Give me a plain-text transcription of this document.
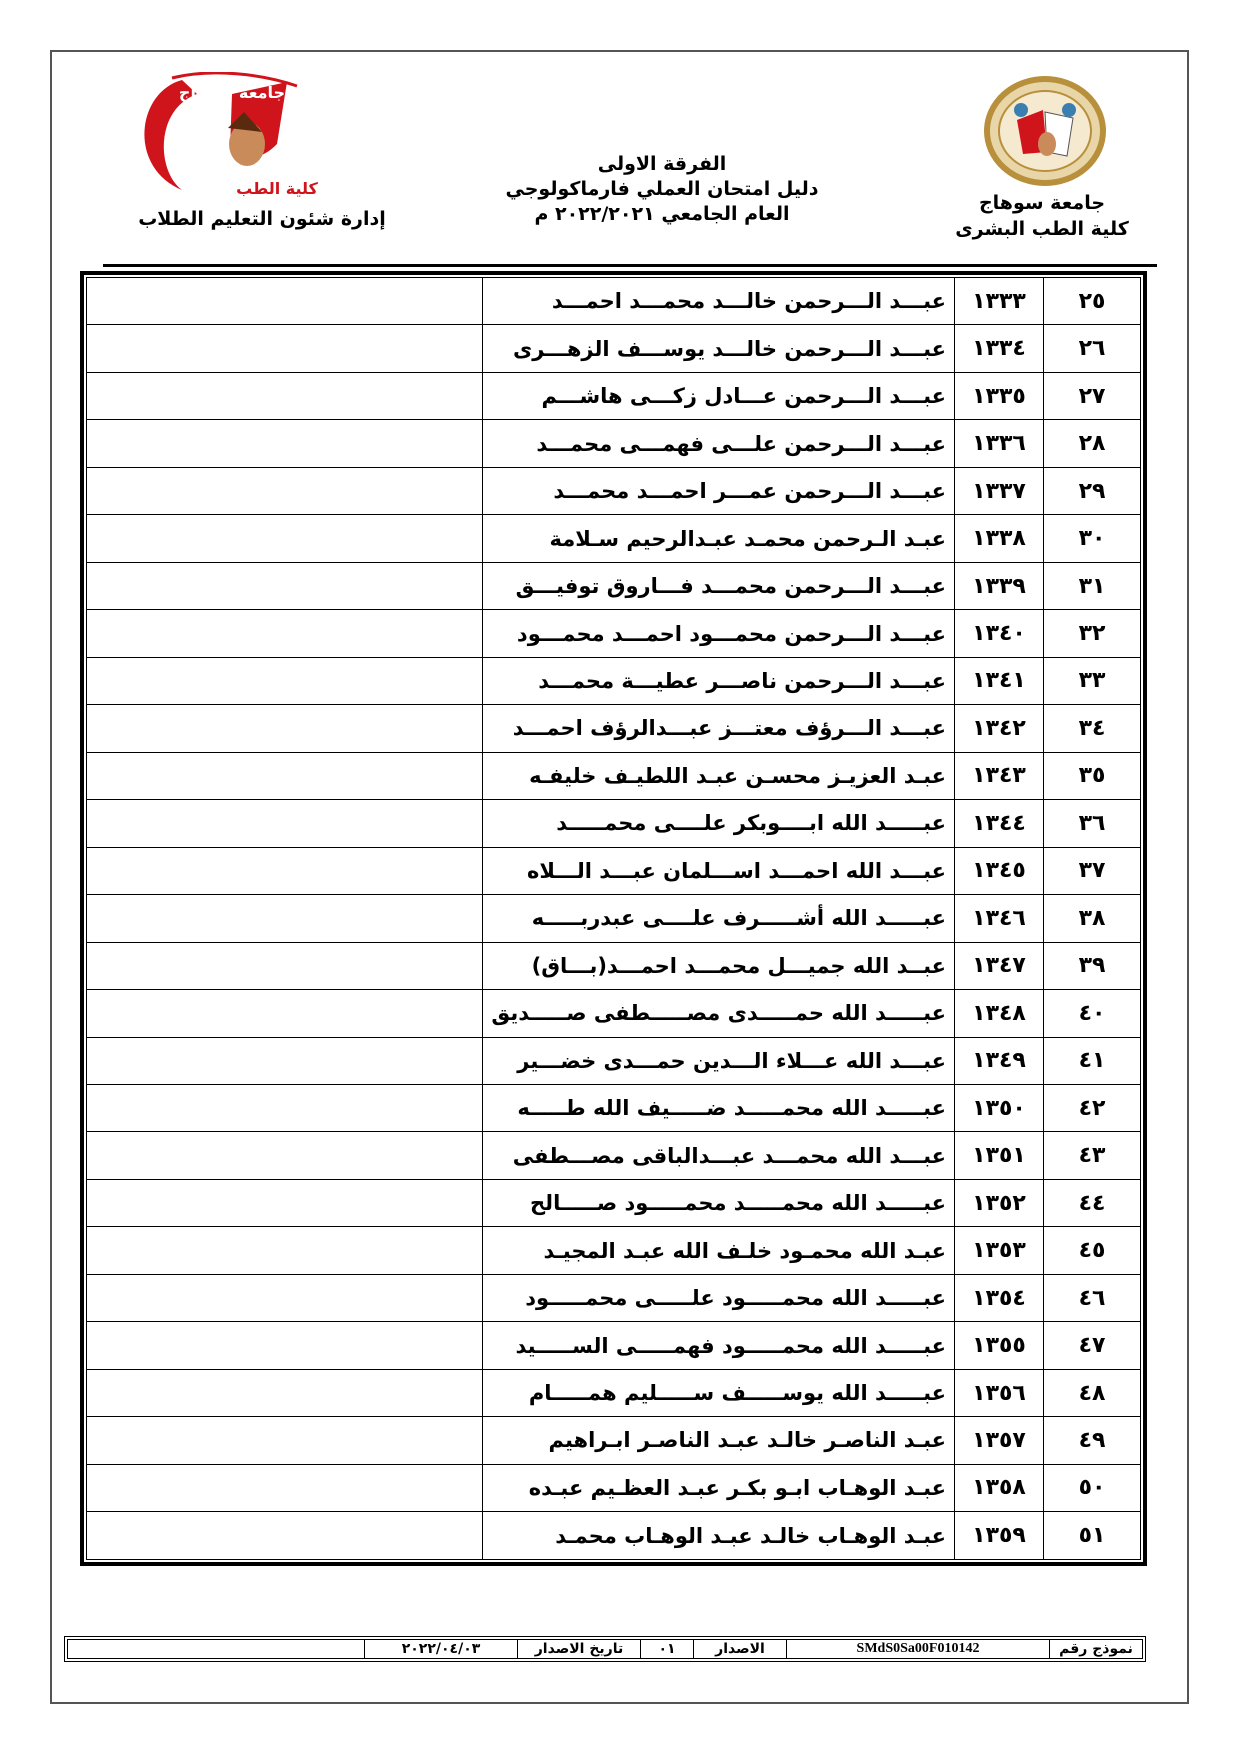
جامعة سوهاج
كلية الطب
إدارة شئون التعليم الطلاب
الفرقة الاولى
دليل امتحان العملي فارماكولوجي
العام الجامعي ٢٠٢٢/٢٠٢١ م	جامعة سوهاج
كلية الطب البشرى
٢٥	١٣٣٣	عبـــد الـــرحمن خالـــد محمـــد احمـــد	
٢٦	١٣٣٤	عبـــد الـــرحمن خالـــد يوســـف الزهـــرى	
٢٧	١٣٣٥	عبـــد الـــرحمن عـــادل زكـــى هاشـــم	
٢٨	١٣٣٦	عبـــد الـــرحمن علـــى فهمـــى محمـــد	
٢٩	١٣٣٧	عبـــد الـــرحمن عمـــر احمـــد محمـــد	
٣٠	١٣٣٨	عبـد الـرحمن محمـد عبـدالرحيم سـلامة	
٣١	١٣٣٩	عبـــد الـــرحمن محمـــد فـــاروق توفيـــق	
٣٢	١٣٤٠	عبـــد الـــرحمن محمـــود احمـــد محمـــود	
٣٣	١٣٤١	عبـــد الـــرحمن ناصـــر عطيـــة محمـــد	
٣٤	١٣٤٢	عبـــد الـــرؤف معتـــز عبـــدالرؤف احمـــد	
٣٥	١٣٤٣	عبـد العزيـز محسـن عبـد اللطيـف خليفـه	
٣٦	١٣٤٤	عبـــــد الله ابــــوبكر علــــى محمـــــد	
٣٧	١٣٤٥	عبـــد الله احمـــد اســـلمان عبـــد الـــلاه	
٣٨	١٣٤٦	عبـــــد الله أشـــــرف علــــى عبدربـــــه	
٣٩	١٣٤٧	عبــد الله جميـــل محمـــد احمـــد(بـــاق)	
٤٠	١٣٤٨	عبـــــد الله حمـــــدى مصـــــطفى صـــــديق	
٤١	١٣٤٩	عبـــد الله عـــلاء الـــدين حمـــدى خضـــير	
٤٢	١٣٥٠	عبـــــد الله محمـــــد ضـــــيف الله طـــــه	
٤٣	١٣٥١	عبـــد الله محمـــد عبـــدالباقى مصـــطفى	
٤٤	١٣٥٢	عبـــــد الله محمـــــد محمـــــود صـــــالح	
٤٥	١٣٥٣	عبـد الله محمـود خلـف الله عبـد المجيـد	
٤٦	١٣٥٤	عبـــــد الله محمـــــود علـــــى محمـــــود	
٤٧	١٣٥٥	عبـــــد الله محمـــــود فهمـــــى الســـــيد	
٤٨	١٣٥٦	عبـــــد الله يوســـــف ســـــليم همـــــام	
٤٩	١٣٥٧	عبـد الناصـر خالـد عبـد الناصـر ابـراهيم	
٥٠	١٣٥٨	عبـد الوهـاب ابـو بكـر عبـد العظـيم عبـده	
٥١	١٣٥٩	عبـد الوهـاب خالـد عبـد الوهـاب محمـد	
نموذج رقم	SMdS0Sa00F010142	الاصدار	٠١	تاريخ الاصدار	٢٠٢٢/٠٤/٠٣	
